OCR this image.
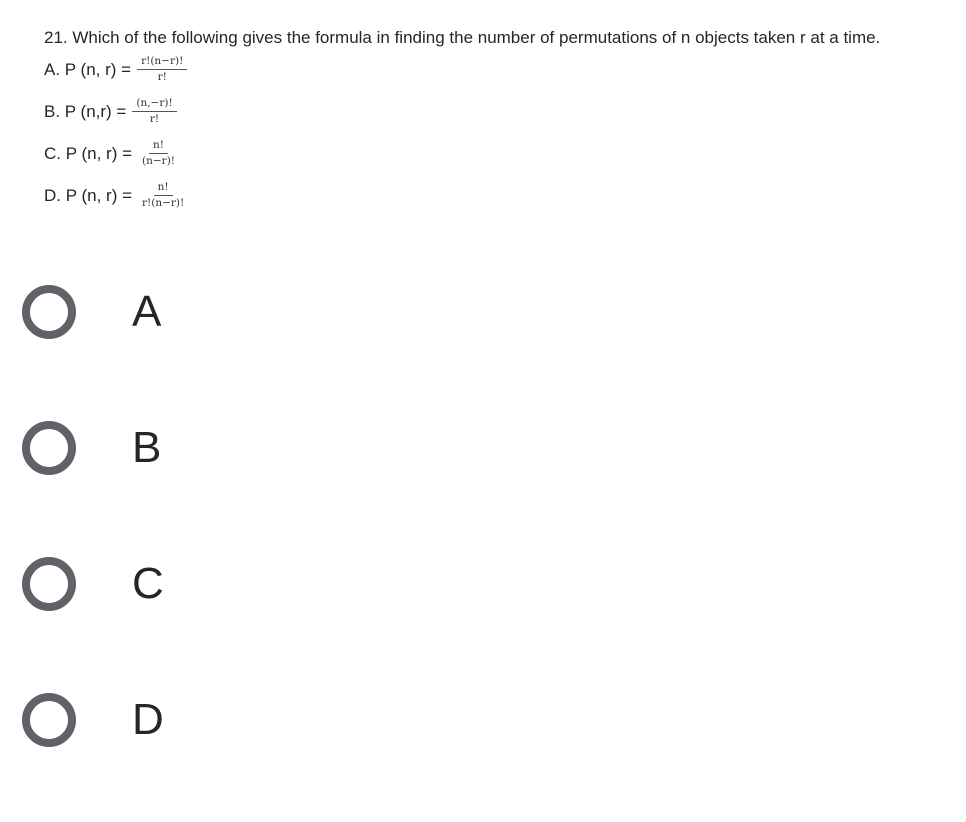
21. Which of the following gives the formula in finding the number of permutations of n objects taken r at a time.

A. P (n, $r) = \frac{r!(n-r)!}{r!}$
B. P $(n,r) = \frac{(n,-r)!}{r!}$
C. P (n, $r) = \frac{n!}{(n-r)!}$
D. P (n, $r) = \frac{n!}{r!(n-r)!}$
A
B
C
D
